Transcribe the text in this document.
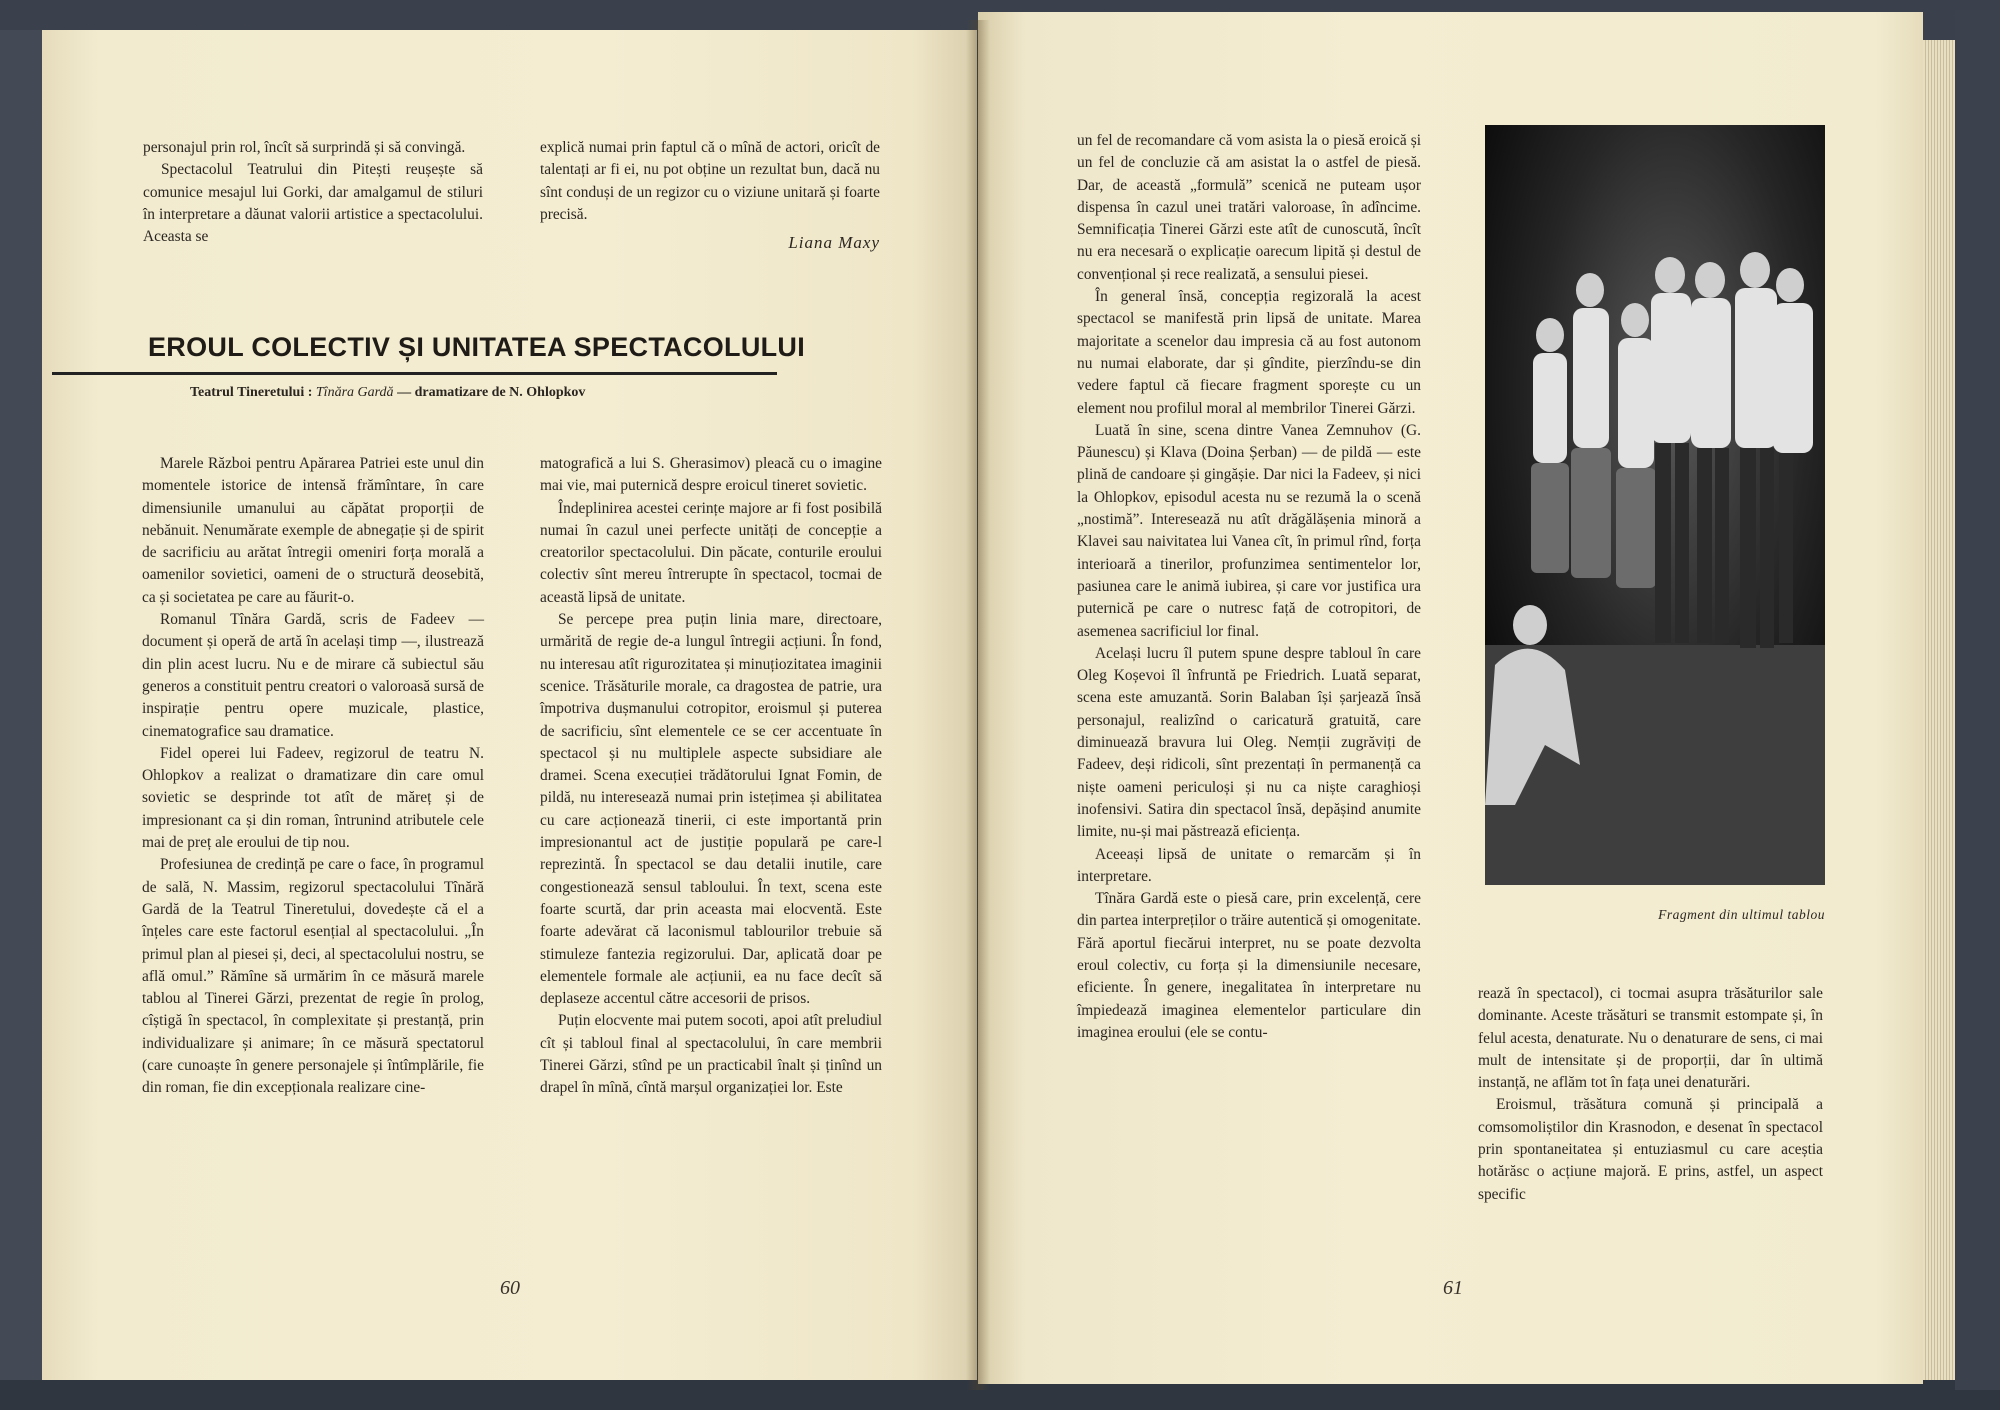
personajul prin rol, încît să surprindă și să convingă.

Spectacolul Teatrului din Pitești reușește să comunice mesajul lui Gorki, dar amalgamul de stiluri în interpretare a dăunat valorii artistice a spectacolului. Aceasta se

explică numai prin faptul că o mînă de actori, oricît de talentați ar fi ei, nu pot obține un rezultat bun, dacă nu sînt conduși de un regizor cu o viziune unitară și foarte precisă.

Liana Maxy
EROUL COLECTIV ȘI UNITATEA SPECTACOLULUI
Teatrul Tineretului : Tînăra Gardă — dramatizare de N. Ohlopkov

Marele Război pentru Apărarea Patriei este unul din momentele istorice de intensă frămîntare, în care dimensiunile umanului au căpătat proporții de nebănuit. Nenumărate exemple de abnegație și de spirit de sacrificiu au arătat întregii omeniri forța morală a oamenilor sovietici, oameni de o structură deosebită, ca și societatea pe care au făurit-o.

Romanul Tînăra Gardă, scris de Fadeev — document și operă de artă în același timp —, ilustrează din plin acest lucru. Nu e de mirare că subiectul său generos a constituit pentru creatori o valoroasă sursă de inspirație pentru opere muzicale, plastice, cinematografice sau dramatice.

Fidel operei lui Fadeev, regizorul de teatru N. Ohlopkov a realizat o dramatizare din care omul sovietic se desprinde tot atît de măreț și de impresionant ca și din roman, întrunind atributele cele mai de preț ale eroului de tip nou.

Profesiunea de credință pe care o face, în programul de sală, N. Massim, regizorul spectacolului Tînără Gardă de la Teatrul Tineretului, dovedește că el a înțeles care este factorul esențial al spectacolului. „În primul plan al piesei și, deci, al spectacolului nostru, se află omul.” Rămîne să urmărim în ce măsură marele tablou al Tinerei Gărzi, prezentat de regie în prolog, cîștigă în spectacol, în complexitate și prestanță, prin individualizare și animare; în ce măsură spectatorul (care cunoaște în genere personajele și întîmplările, fie din roman, fie din excepționala realizare cine-

matografică a lui S. Gherasimov) pleacă cu o imagine mai vie, mai puternică despre eroicul tineret sovietic.

Îndeplinirea acestei cerințe majore ar fi fost posibilă numai în cazul unei perfecte unități de concepție a creatorilor spectacolului. Din păcate, conturile eroului colectiv sînt mereu întrerupte în spectacol, tocmai de această lipsă de unitate.

Se percepe prea puțin linia mare, directoare, urmărită de regie de-a lungul întregii acțiuni. În fond, nu interesau atît rigurozitatea și minuțiozitatea imaginii scenice. Trăsăturile morale, ca dragostea de patrie, ura împotriva dușmanului cotropitor, eroismul și puterea de sacrificiu, sînt elementele ce se cer accentuate în spectacol și nu multiplele aspecte subsidiare ale dramei. Scena execuției trădătorului Ignat Fomin, de pildă, nu interesează numai prin istețimea și abilitatea cu care acționează tinerii, ci este importantă prin impresionantul act de justiție populară pe care-l reprezintă. În spectacol se dau detalii inutile, care congestionează sensul tabloului. În text, scena este foarte scurtă, dar prin aceasta mai elocventă. Este foarte adevărat că laconismul tablourilor trebuie să stimuleze fantezia regizorului. Dar, aplicată doar pe elementele formale ale acțiunii, ea nu face decît să deplaseze accentul către accesorii de prisos.

Puțin elocvente mai putem socoti, apoi atît preludiul cît și tabloul final al spectacolului, în care membrii Tinerei Gărzi, stînd pe un practicabil înalt și ținînd un drapel în mînă, cîntă marșul organizației lor. Este

60

un fel de recomandare că vom asista la o piesă eroică și un fel de concluzie că am asistat la o astfel de piesă. Dar, de această „formulă” scenică ne puteam ușor dispensa în cazul unei tratări valoroase, în adîncime. Semnificația Tinerei Gărzi este atît de cunoscută, încît nu era necesară o explicație oarecum lipită și destul de convențional și rece realizată, a sensului piesei.

În general însă, concepția regizorală la acest spectacol se manifestă prin lipsă de unitate. Marea majoritate a scenelor dau impresia că au fost autonom nu numai elaborate, dar și gîndite, pierzîndu-se din vedere faptul că fiecare fragment sporește cu un element nou profilul moral al membrilor Tinerei Gărzi.

Luată în sine, scena dintre Vanea Zemnuhov (G. Păunescu) și Klava (Doina Șerban) — de pildă — este plină de candoare și gingășie. Dar nici la Fadeev, și nici la Ohlopkov, episodul acesta nu se rezumă la o scenă „nostimă”. Interesează nu atît drăgălășenia minoră a Klavei sau naivitatea lui Vanea cît, în primul rînd, forța interioară a tinerilor, profunzimea sentimentelor lor, pasiunea care le animă iubirea, și care vor justifica ura puternică pe care o nutresc față de cotropitori, de asemenea sacrificiul lor final.

Același lucru îl putem spune despre tabloul în care Oleg Koșevoi îl înfruntă pe Friedrich. Luată separat, scena este amuzantă. Sorin Balaban își șarjează însă personajul, realizînd o caricatură gratuită, care diminuează bravura lui Oleg. Nemții zugrăviți de Fadeev, deși ridicoli, sînt prezentați în permanență ca niște oameni periculoși și nu ca niște caraghioși inofensivi. Satira din spectacol însă, depășind anumite limite, nu-și mai păstrează eficiența.

Aceeași lipsă de unitate o remarcăm și în interpretare.

Tînăra Gardă este o piesă care, prin excelență, cere din partea interpreților o trăire autentică și omogenitate. Fără aportul fiecărui interpret, nu se poate dezvolta eroul colectiv, cu forța și la dimensiunile necesare, eficiente. În genere, inegalitatea în interpretare nu împiedează imaginea elementelor particulare din imaginea eroului (ele se contu-

Fragment din ultimul tablou

rează în spectacol), ci tocmai asupra trăsăturilor sale dominante. Aceste trăsături se transmit estompate și, în felul acesta, denaturate. Nu o denaturare de sens, ci mai mult de intensitate și de proporții, dar în ultimă instanță, ne aflăm tot în fața unei denaturări.

Eroismul, trăsătura comună și principală a comsomoliștilor din Krasnodon, e desenat în spectacol prin spontaneitatea și entuziasmul cu care aceștia hotărăsc o acțiune majoră. E prins, astfel, un aspect specific

61
